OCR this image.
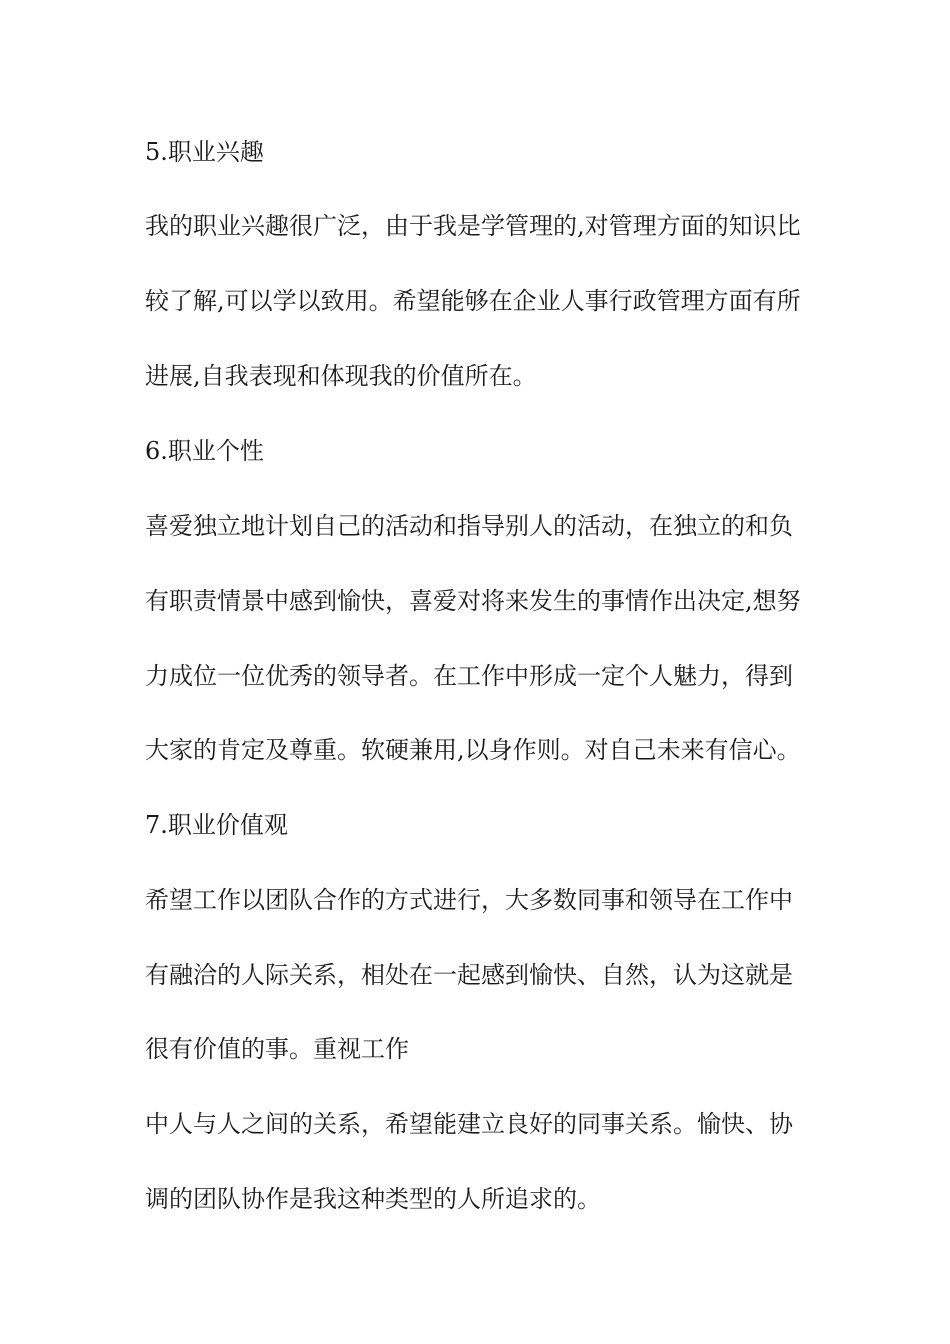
5.职业兴趣
我的职业兴趣很广泛，由于我是学管理的,对管理方面的知识比
较了解,可以学以致用。希望能够在企业人事行政管理方面有所
进展,自我表现和体现我的价值所在。
6.职业个性
喜爱独立地计划自己的活动和指导别人的活动，在独立的和负
有职责情景中感到愉快，喜爱对将来发生的事情作出决定,想努
力成位一位优秀的领导者。在工作中形成一定个人魅力，得到
大家的肯定及尊重。软硬兼用,以身作则。对自己未来有信心。
7.职业价值观
希望工作以团队合作的方式进行，大多数同事和领导在工作中
有融洽的人际关系，相处在一起感到愉快、自然，认为这就是
很有价值的事。重视工作
中人与人之间的关系，希望能建立良好的同事关系。愉快、协
调的团队协作是我这种类型的人所追求的。
